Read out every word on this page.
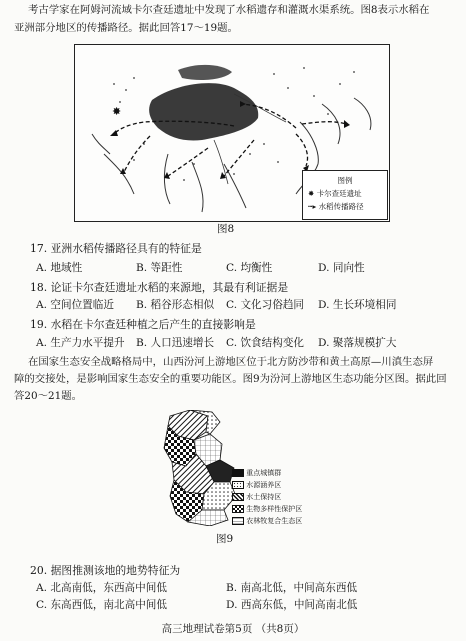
考古学家在阿姆河流域卡尔查廷遗址中发现了水稻遗存和灌溉水渠系统。图8表示水稻在
亚洲部分地区的传播路径。据此回答17～19题。
✸
图例
✸ 卡尔查廷遗址
┅▸ 水稻传播路径
图8
17. 亚洲水稻传播路径具有的特征是
A. 地域性	B. 等距性	C. 均衡性	D. 同向性
18. 论证卡尔查廷遗址水稻的来源地，其最有利证据是
A. 空间位置临近 B. 稻谷形态相似 C. 文化习俗趋同 D. 生长环境相同
19. 水稻在卡尔查廷种植之后产生的直接影响是
A. 生产力水平提升 B. 人口迅速增长 C. 饮食结构变化 D. 聚落规模扩大
在国家生态安全战略格局中，山西汾河上游地区位于北方防沙带和黄土高原—川滇生态屏
障的交接处，是影响国家生态安全的重要功能区。图9为汾河上游地区生态功能分区图。据此回
答20～21题。
重点城镇群
水源涵养区
水土保持区
生物多样性保护区
农林牧复合生态区
图9
20. 据图推测该地的地势特征为
A. 北高南低，东西高中间低	B. 南高北低，中间高东西低
C. 东高西低，南北高中间低	D. 西高东低，中间高南北低
高三地理试卷第5页 （共8页）
